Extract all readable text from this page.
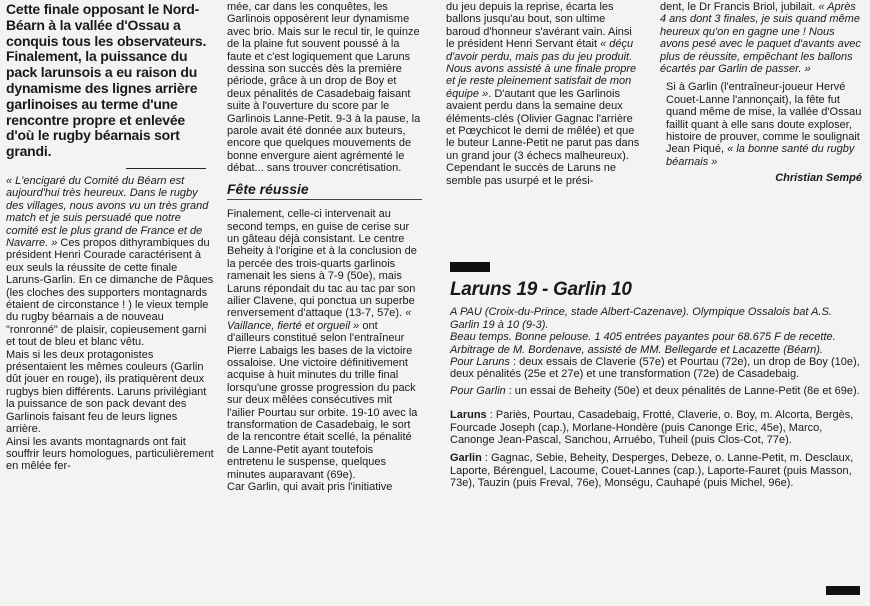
Cette finale opposant le Nord-Béarn à la vallée d'Ossau a conquis tous les observateurs. Finalement, la puissance du pack larunsois a eu raison du dynamisme des lignes arrière garlinoises au terme d'une rencontre propre et enlevée d'où le rugby béarnais sort grandi.

« L'encigaré du Comité du Béarn est aujourd'hui très heureux. Dans le rugby des villages, nous avons vu un très grand match et je suis persuadé que notre comité est le plus grand de France et de Navarre. » Ces propos dithyrambiques du président Henri Courade caractérisent à eux seuls la réussite de cette finale Laruns-Garlin. En ce dimanche de Pâques (les cloches des supporters montagnards étaient de circonstance ! ) le vieux temple du rugby béarnais a de nouveau "ronronné" de plaisir, copieusement garni et tout de bleu et blanc vêtu.

Mais si les deux protagonistes présentaient les mêmes couleurs (Garlin dût jouer en rouge), ils pratiquèrent deux rugbys bien différents. Laruns privilégiant la puissance de son pack devant des Garlinois faisant feu de leurs lignes arrière.

Ainsi les avants montagnards ont fait souffrir leurs homologues, particulièrement en mêlée fer-

mée, car dans les conquêtes, les Garlinois opposèrent leur dynamisme avec brio. Mais sur le recul tir, le quinze de la plaine fut souvent poussé à la faute et c'est logiquement que Laruns dessina son succès dès la première période, grâce à un drop de Boy et deux pénalités de Casadebaig faisant suite à l'ouverture du score par le Garlinois Lanne-Petit. 9-3 à la pause, la parole avait été donnée aux buteurs, encore que quelques mouvements de bonne envergure aient agrémenté le débat... sans trouver concrétisation.

Fête réussie

Finalement, celle-ci intervenait au second temps, en guise de cerise sur un gâteau déjà consistant. Le centre Beheity à l'origine et à la conclusion de la percée des trois-quarts garlinois ramenait les siens à 7-9 (50e), mais Laruns répondait du tac au tac par son ailier Clavene, qui ponctua un superbe renversement d'attaque (13-7, 57e). « Vaillance, fierté et orgueil » ont d'ailleurs constitué selon l'entraîneur Pierre Labaigs les bases de la victoire ossaloise. Une victoire définitivement acquise à huit minutes du trille final lorsqu'une grosse progression du pack sur deux mêlées consécutives mit l'ailier Pourtau sur orbite. 19-10 avec la transformation de Casadebaig, le sort de la rencontre était scellé, la pénalité de Lanne-Petit ayant toutefois entretenu le suspense, quelques minutes auparavant (69e).

Car Garlin, qui avait pris l'initiative

du jeu depuis la reprise, écarta les ballons jusqu'au bout, son ultime baroud d'honneur s'avérant vain. Ainsi le président Henri Servant était « déçu d'avoir perdu, mais pas du jeu produit. Nous avons assisté à une finale propre et je reste pleinement satisfait de mon équipe ». D'autant que les Garlinois avaient perdu dans la semaine deux éléments-clés (Olivier Gagnac l'arrière et Pœychicot le demi de mêlée) et que le buteur Lanne-Petit ne parut pas dans un grand jour (3 échecs malheureux).

Cependant le succès de Laruns ne semble pas usurpé et le prési-

dent, le Dr Francis Briol, jubilait. « Après 4 ans dont 3 finales, je suis quand même heureux qu'on en gagne une ! Nous avons pesé avec le paquet d'avants avec plus de réussite, empêchant les ballons écartés par Garlin de passer. »

Si à Garlin (l'entraîneur-joueur Hervé Couet-Lanne l'annonçait), la fête fut quand même de mise, la vallée d'Ossau faillit quant à elle sans doute exploser, histoire de prouver, comme le soulignait Jean Piqué, « la bonne santé du rugby béarnais »

Christian Sempé
Laruns 19 - Garlin 10

A PAU (Croix-du-Prince, stade Albert-Cazenave). Olympique Ossalois bat A.S. Garlin 19 à 10 (9-3).

Beau temps. Bonne pelouse. 1 405 entrées payantes pour 68.675 F de recette. Arbitrage de M. Bordenave, assisté de MM. Bellegarde et Lacazette (Béarn).

Pour Laruns : deux essais de Claverie (57e) et Pourtau (72e), un drop de Boy (10e), deux pénalités (25e et 27e) et une transformation (72e) de Casadebaig.

Pour Garlin : un essai de Beheity (50e) et deux pénalités de Lanne-Petit (8e et 69e).

Laruns : Pariès, Pourtau, Casadebaig, Frotté, Claverie, o. Boy, m. Alcorta, Bergès, Fourcade Joseph (cap.), Morlane-Hondère (puis Canonge Eric, 45e), Marco, Canonge Jean-Pascal, Sanchou, Arruébo, Tuheil (puis Clos-Cot, 77e).

Garlin : Gagnac, Sebie, Beheity, Desperges, Debeze, o. Lanne-Petit, m. Desclaux, Laporte, Bérenguel, Lacoume, Couet-Lannes (cap.), Laporte-Fauret (puis Masson, 73e), Tauzin (puis Freval, 76e), Monségu, Cauhapé (puis Michel, 96e).
